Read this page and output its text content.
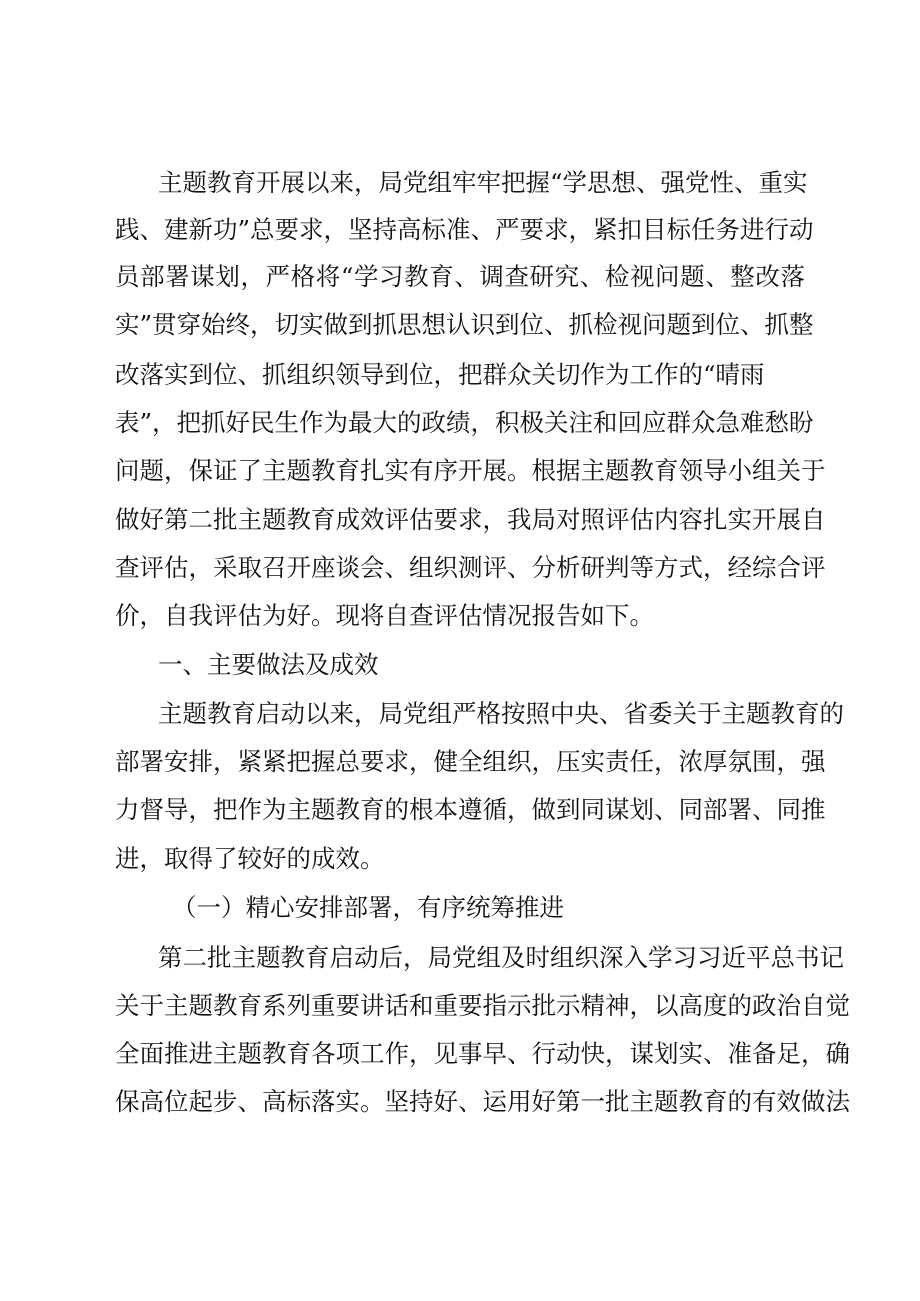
主题教育开展以来，局党组牢牢把握“学思想、强党性、重实

践、建新功”总要求，坚持高标准、严要求，紧扣目标任务进行动

员部署谋划，严格将“学习教育、调查研究、检视问题、整改落

实”贯穿始终，切实做到抓思想认识到位、抓检视问题到位、抓整

改落实到位、抓组织领导到位，把群众关切作为工作的“晴雨

表”，把抓好民生作为最大的政绩，积极关注和回应群众急难愁盼

问题，保证了主题教育扎实有序开展。根据主题教育领导小组关于

做好第二批主题教育成效评估要求，我局对照评估内容扎实开展自

查评估，采取召开座谈会、组织测评、分析研判等方式，经综合评

价，自我评估为好。现将自查评估情况报告如下。

一、主要做法及成效

主题教育启动以来，局党组严格按照中央、省委关于主题教育的

部署安排，紧紧把握总要求，健全组织，压实责任，浓厚氛围，强

力督导，把作为主题教育的根本遵循，做到同谋划、同部署、同推

进，取得了较好的成效。

（一）精心安排部署，有序统筹推进

第二批主题教育启动后，局党组及时组织深入学习习近平总书记

关于主题教育系列重要讲话和重要指示批示精神，以高度的政治自觉

全面推进主题教育各项工作，见事早、行动快，谋划实、准备足，确

保高位起步、高标落实。坚持好、运用好第一批主题教育的有效做法
